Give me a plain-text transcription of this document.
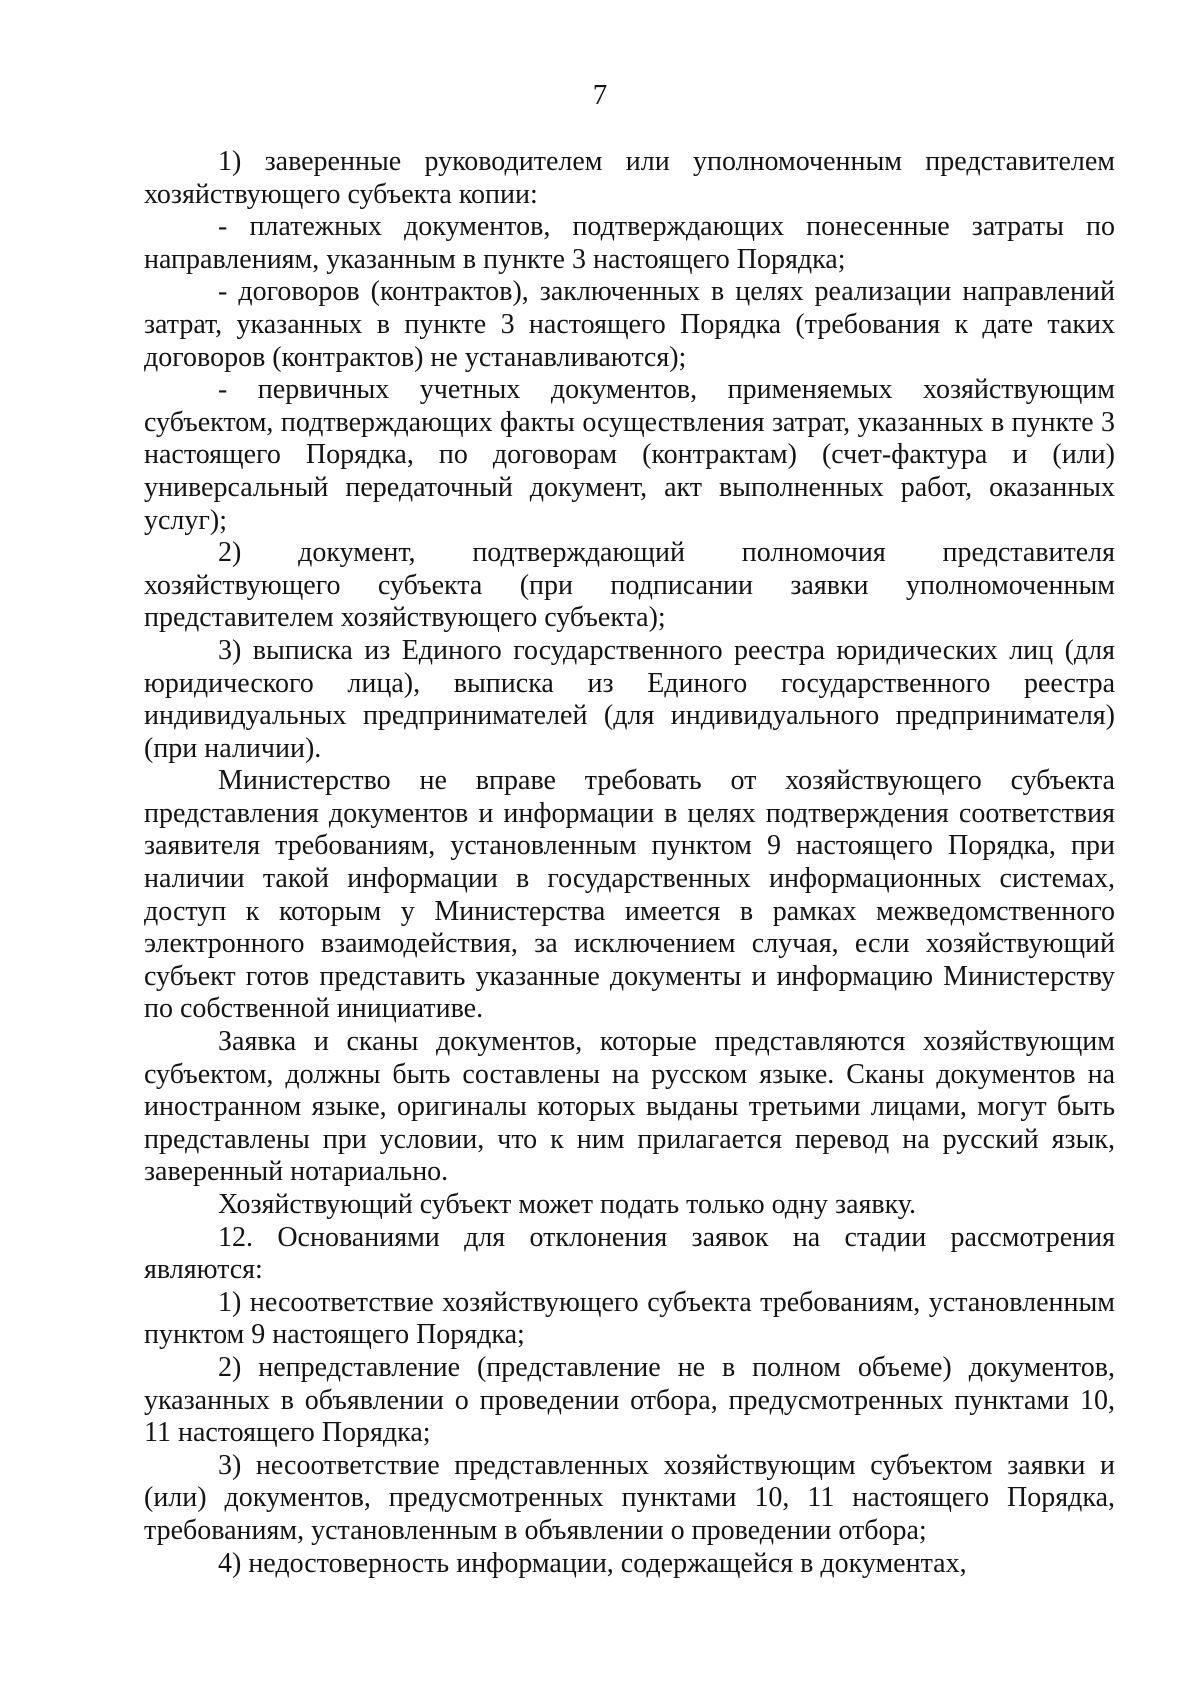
7

1) заверенные руководителем или уполномоченным представителем хозяйствующего субъекта копии:

- платежных документов, подтверждающих понесенные затраты по направлениям, указанным в пункте 3 настоящего Порядка;

- договоров (контрактов), заключенных в целях реализации направлений затрат, указанных в пункте 3 настоящего Порядка (требования к дате таких договоров (контрактов) не устанавливаются);

- первичных учетных документов, применяемых хозяйствующим субъектом, подтверждающих факты осуществления затрат, указанных в пункте 3 настоящего Порядка, по договорам (контрактам) (счет-фактура и (или) универсальный передаточный документ, акт выполненных работ, оказанных услуг);

2) документ, подтверждающий полномочия представителя хозяйствующего субъекта (при подписании заявки уполномоченным представителем хозяйствующего субъекта);

3) выписка из Единого государственного реестра юридических лиц (для юридического лица), выписка из Единого государственного реестра индивидуальных предпринимателей (для индивидуального предпринимателя) (при наличии).

Министерство не вправе требовать от хозяйствующего субъекта представления документов и информации в целях подтверждения соответствия заявителя требованиям, установленным пунктом 9 настоящего Порядка, при наличии такой информации в государственных информационных системах, доступ к которым у Министерства имеется в рамках межведомственного электронного взаимодействия, за исключением случая, если хозяйствующий субъект готов представить указанные документы и информацию Министерству по собственной инициативе.

Заявка и сканы документов, которые представляются хозяйствующим субъектом, должны быть составлены на русском языке. Сканы документов на иностранном языке, оригиналы которых выданы третьими лицами, могут быть представлены при условии, что к ним прилагается перевод на русский язык, заверенный нотариально.

Хозяйствующий субъект может подать только одну заявку.

12. Основаниями для отклонения заявок на стадии рассмотрения являются:

1) несоответствие хозяйствующего субъекта требованиям, установленным пунктом 9 настоящего Порядка;

2) непредставление (представление не в полном объеме) документов, указанных в объявлении о проведении отбора, предусмотренных пунктами 10, 11 настоящего Порядка;

3) несоответствие представленных хозяйствующим субъектом заявки и (или) документов, предусмотренных пунктами 10, 11 настоящего Порядка, требованиям, установленным в объявлении о проведении отбора;

4) недостоверность информации, содержащейся в документах,
